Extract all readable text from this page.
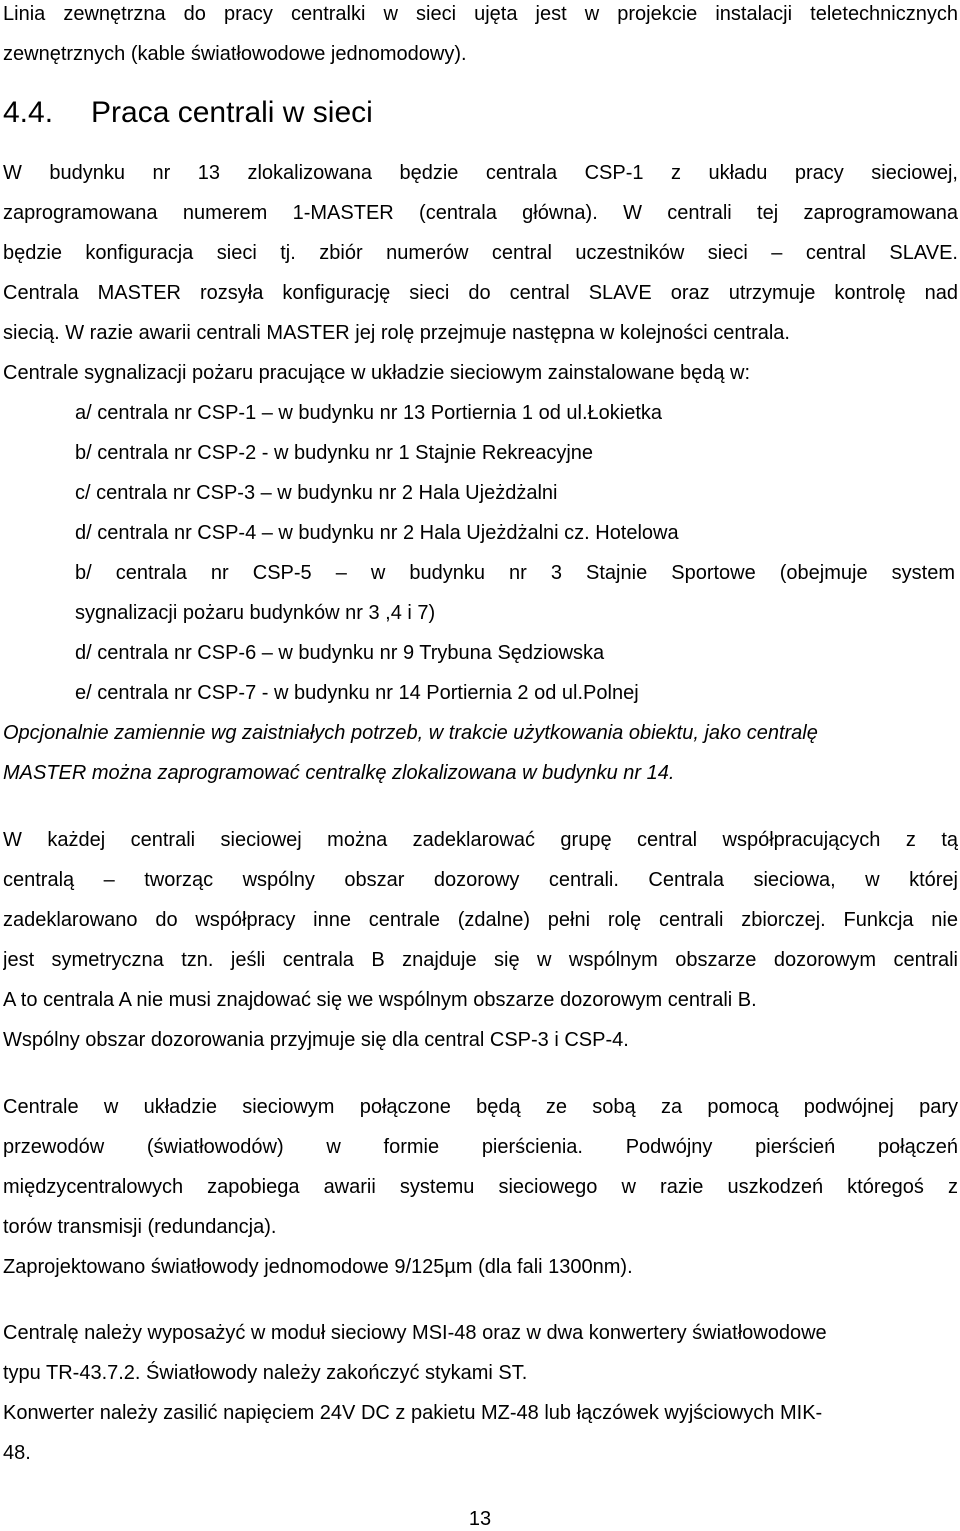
Linia zewnętrzna do pracy centralki w sieci ujęta jest w projekcie instalacji teletechnicznych
zewnętrznych (kable światłowodowe jednomodowy).
4.4. Praca centrali w sieci
W budynku nr 13 zlokalizowana będzie centrala CSP-1 z układu pracy sieciowej,
zaprogramowana numerem 1-MASTER (centrala główna). W centrali tej zaprogramowana
będzie konfiguracja sieci tj. zbiór numerów central uczestników sieci – central SLAVE.
Centrala MASTER rozsyła konfigurację sieci do central SLAVE oraz utrzymuje kontrolę nad
siecią. W razie awarii centrali MASTER jej rolę przejmuje następna w kolejności centrala.
Centrale sygnalizacji pożaru pracujące w układzie sieciowym zainstalowane będą w:
a/ centrala nr CSP-1 – w budynku nr 13 Portiernia 1 od ul.Łokietka
b/ centrala nr CSP-2 - w budynku nr 1 Stajnie Rekreacyjne
c/ centrala nr CSP-3 – w budynku nr 2 Hala Ujeżdżalni
d/ centrala nr CSP-4 – w budynku nr 2 Hala Ujeżdżalni cz. Hotelowa
b/ centrala nr CSP-5 – w budynku nr 3 Stajnie Sportowe (obejmuje system
sygnalizacji pożaru budynków nr 3 ,4 i 7)
d/ centrala nr CSP-6 – w budynku nr 9 Trybuna Sędziowska
e/ centrala nr CSP-7 - w budynku nr 14 Portiernia 2 od ul.Polnej
Opcjonalnie zamiennie wg zaistniałych potrzeb, w trakcie użytkowania obiektu, jako centralę
MASTER można zaprogramować centralkę zlokalizowana w budynku nr 14.
W każdej centrali sieciowej można zadeklarować grupę central współpracujących z tą
centralą – tworząc wspólny obszar dozorowy centrali. Centrala sieciowa, w której
zadeklarowano do współpracy inne centrale (zdalne) pełni rolę centrali zbiorczej. Funkcja nie
jest symetryczna tzn. jeśli centrala B znajduje się w wspólnym obszarze dozorowym centrali
A to centrala A nie musi znajdować się we wspólnym obszarze dozorowym centrali B.
Wspólny obszar dozorowania przyjmuje się dla central CSP-3 i CSP-4.
Centrale w układzie sieciowym połączone będą ze sobą za pomocą podwójnej pary
przewodów (światłowodów) w formie pierścienia. Podwójny pierścień połączeń
międzycentralowych zapobiega awarii systemu sieciowego w razie uszkodzeń któregoś z
torów transmisji (redundancja).
Zaprojektowano światłowody jednomodowe 9/125µm (dla fali 1300nm).
Centralę należy wyposażyć w moduł sieciowy MSI-48 oraz w dwa konwertery światłowodowe
typu TR-43.7.2. Światłowody należy zakończyć stykami ST.
Konwerter należy zasilić napięciem 24V DC z pakietu MZ-48 lub łączówek wyjściowych MIK-
48.
13
